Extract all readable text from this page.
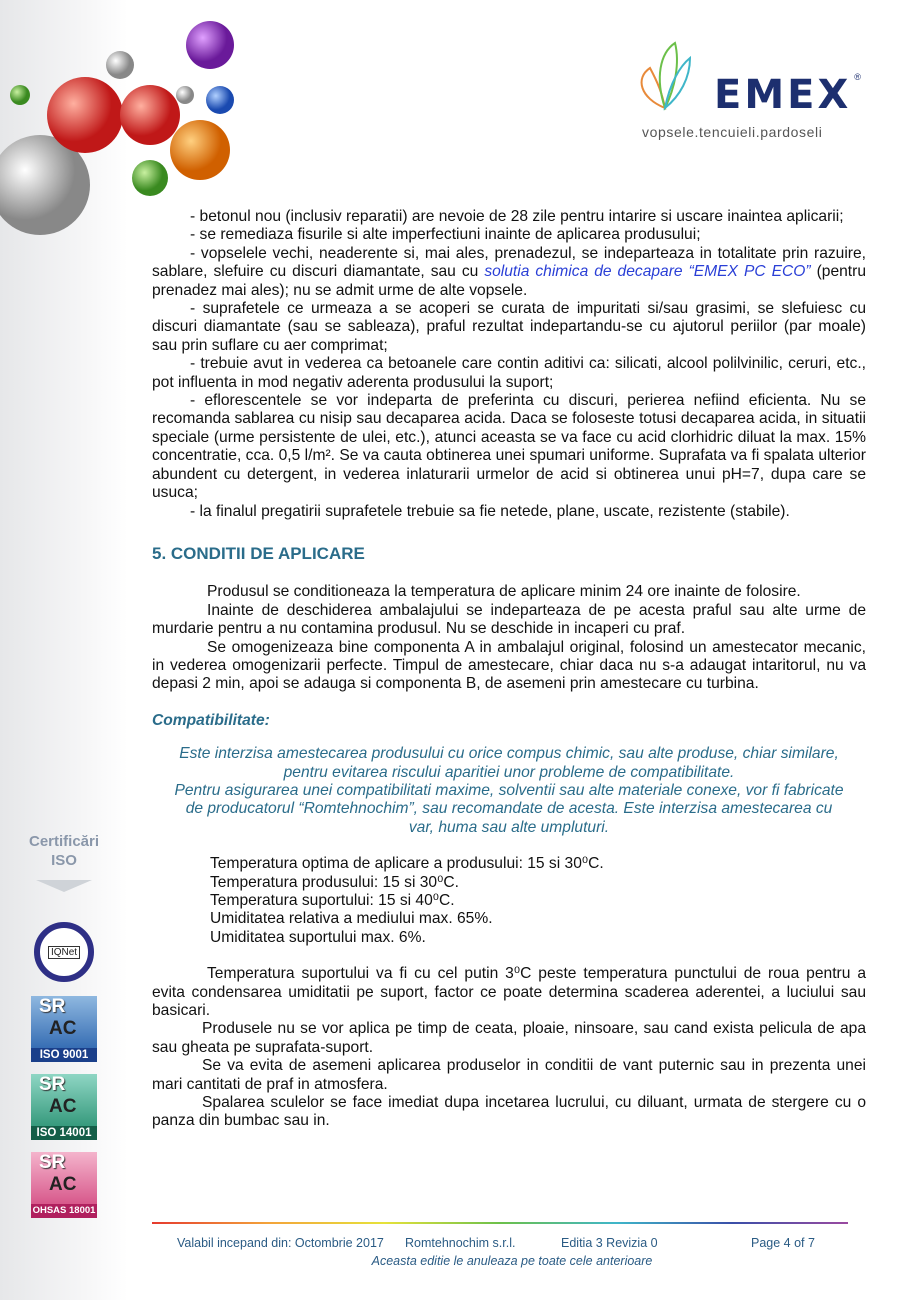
EMEX ®
vopsele.tencuieli.pardoseli

- betonul nou (inclusiv reparatii) are nevoie de 28 zile pentru intarire si uscare inaintea aplicarii;

- se remediaza fisurile si alte imperfectiuni inainte de aplicarea produsului;

- vopselele vechi, neaderente si, mai ales, prenadezul, se indeparteaza in totalitate prin razuire, sablare, slefuire cu discuri diamantate, sau cu solutia chimica de decapare “EMEX PC ECO” (pentru prenadez mai ales); nu se admit urme de alte vopsele.

- suprafetele ce urmeaza a se acoperi se curata de impuritati si/sau grasimi, se slefuiesc cu discuri diamantate (sau se sableaza), praful rezultat indepartandu-se cu ajutorul periilor (par moale) sau prin suflare cu aer comprimat;

- trebuie avut in vederea ca betoanele care contin aditivi ca: silicati, alcool polilvinilic, ceruri, etc., pot influenta in mod negativ aderenta produsului la suport;

- eflorescentele se vor indeparta de preferinta cu discuri, perierea nefiind eficienta. Nu se recomanda sablarea cu nisip sau decaparea acida. Daca se foloseste totusi decaparea acida, in situatii speciale (urme persistente de ulei, etc.), atunci aceasta se va face cu acid clorhidric diluat la max. 15% concentratie, cca. 0,5 l/m². Se va cauta obtinerea unei spumari uniforme. Suprafata va fi spalata ulterior abundent cu detergent, in vederea inlaturarii urmelor de acid si obtinerea unui pH=7, dupa care se usuca;

- la finalul pregatirii suprafetele trebuie sa fie netede, plane, uscate, rezistente (stabile).

5. CONDITII DE APLICARE

Produsul se conditioneaza la temperatura de aplicare minim 24 ore inainte de folosire.

Inainte de deschiderea ambalajului se indeparteaza de pe acesta praful sau alte urme de murdarie pentru a nu contamina produsul. Nu se deschide in incaperi cu praf.

Se omogenizeaza bine componenta A in ambalajul original, folosind un amestecator mecanic, in vederea omogenizarii perfecte. Timpul de amestecare, chiar daca nu s-a adaugat intaritorul, nu va depasi 2 min, apoi se adauga si componenta B, de asemeni prin amestecare cu turbina.

Compatibilitate:

Este interzisa amestecarea produsului cu orice compus chimic, sau alte produse, chiar similare, pentru evitarea riscului aparitiei unor probleme de compatibilitate.

Pentru asigurarea unei compatibilitati maxime, solventii sau alte materiale conexe, vor fi fabricate de producatorul “Romtehnochim”, sau recomandate de acesta. Este interzisa amestecarea cu var, huma sau alte umpluturi.

Temperatura optima de aplicare a produsului: 15 si 30⁰C.
Temperatura produsului: 15 si 30⁰C.
Temperatura suportului: 15 si 40⁰C.
Umiditatea relativa a mediului max. 65%.
Umiditatea suportului max. 6%.

Temperatura suportului va fi cu cel putin 3⁰C peste temperatura punctului de roua pentru a evita condensarea umiditatii pe suport, factor ce poate determina scaderea aderentei, a luciului sau basicari.

Produsele nu se vor aplica pe timp de ceata, ploaie, ninsoare, sau cand exista pelicula de apa sau gheata pe suprafata-suport.

Se va evita de asemeni aplicarea produselor in conditii de vant puternic sau in prezenta unei mari cantitati de praf in atmosfera.

Spalarea sculelor se face imediat dupa incetarea lucrului, cu diluant, urmata de stergere cu o panza din bumbac sau in.

Certificări
ISO
IQNet
SR
AC
ISO 9001
SR
AC
ISO 14001
SR
AC
OHSAS 18001
Valabil incepand din: Octombrie 2017 Romtehnochim s.r.l.	Editia 3 Revizia 0	Page 4 of 7
Aceasta editie le anuleaza pe toate cele anterioare
